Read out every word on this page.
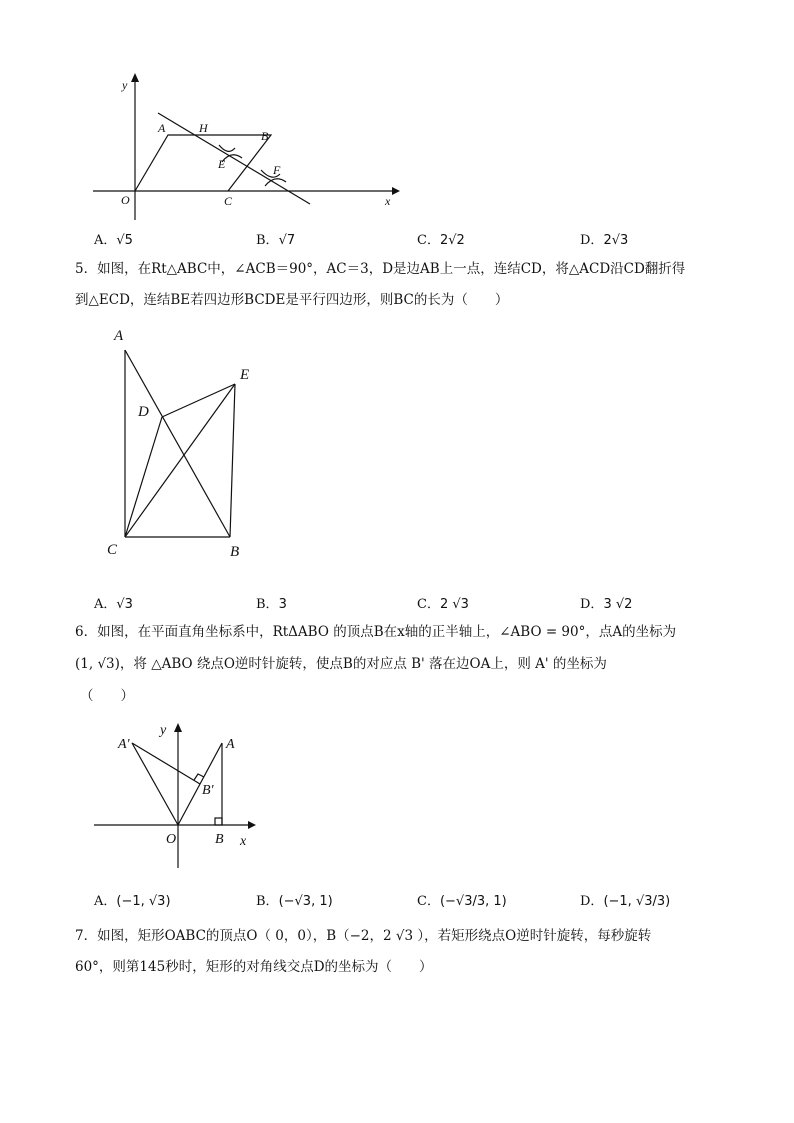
y
x
O
A	H
B
E	F
C
A．√5	B．√7	C．2√2	D．2√3
5．如图，在Rt△ABC中，∠ACB＝90°，AC＝3，D是边AB上一点，连结CD，将△ACD沿CD翻折得
到△ECD，连结BE若四边形BCDE是平行四边形，则BC的长为（　　）
A
E
D
C	B
A．√3	B．3	C．2 √3	D．3 √2
6．如图，在平面直角坐标系中，RtΔABO 的顶点B在x轴的正半轴上，∠ABO = 90°，点A的坐标为
(1, √3)，将 △ABO 绕点O逆时针旋转，使点B的对应点 B' 落在边OA上，则 A' 的坐标为
（　　）
y
A'	A
B'
O	B x
A．(−1, √3)	B．(−√3, 1)	C．(−√3/3, 1)	D．(−1, √3/3)
7．如图，矩形OABC的顶点O（ 0，0），B（−2，2 √3 ），若矩形绕点O逆时针旋转，每秒旋转
60°，则第145秒时，矩形的对角线交点D的坐标为（　　）
